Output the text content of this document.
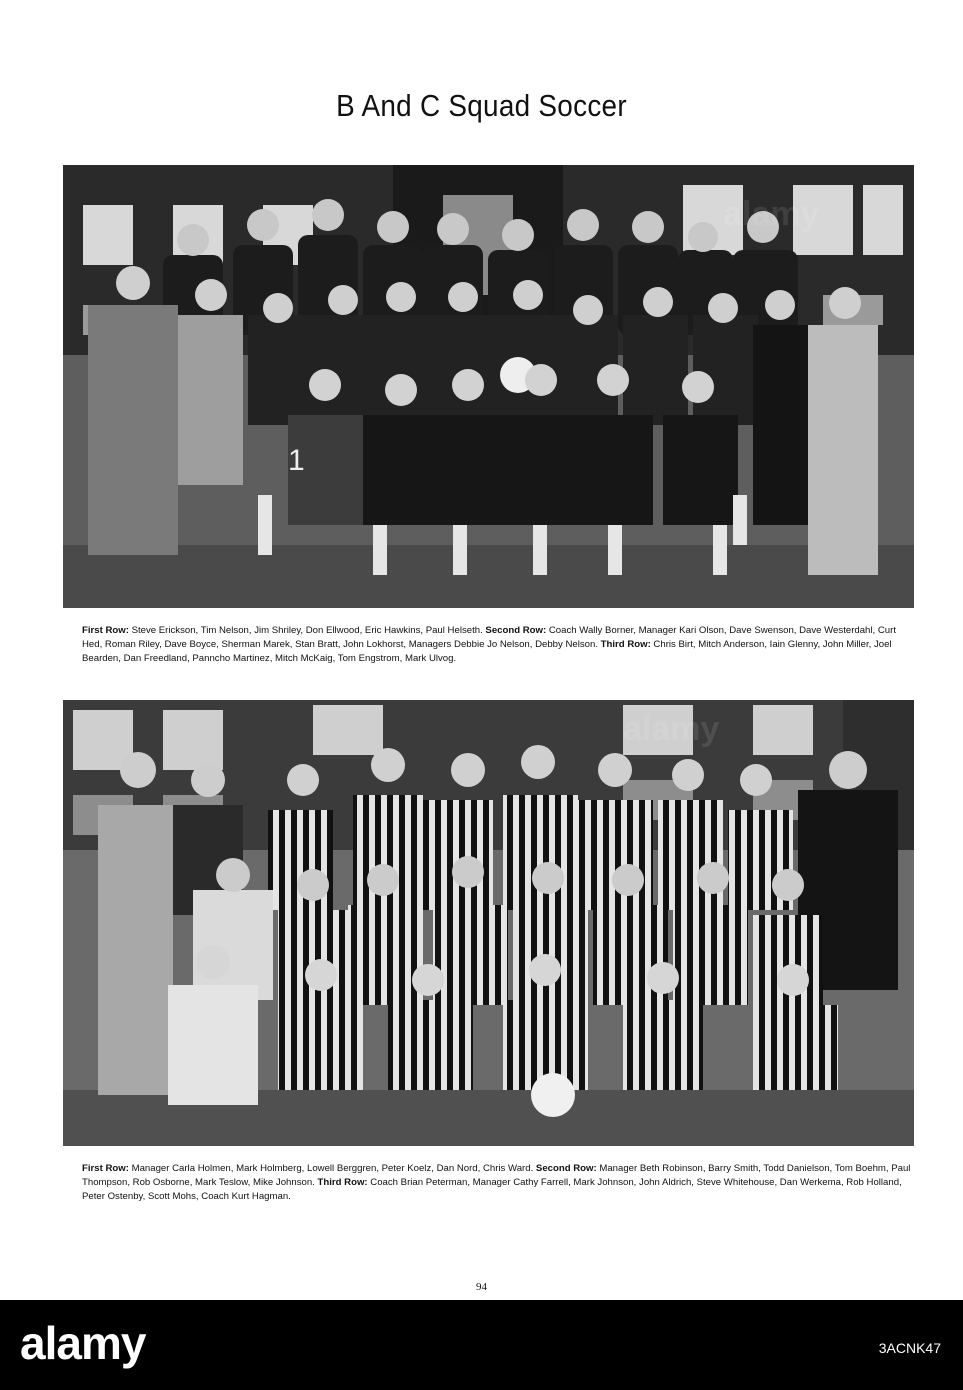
B And C Squad Soccer
1
alamy
First Row: Steve Erickson, Tim Nelson, Jim Shriley, Don Ellwood, Eric Hawkins, Paul Helseth. Second Row: Coach Wally Borner, Manager Kari Olson, Dave Swenson, Dave Westerdahl, Curt Hed, Roman Riley, Dave Boyce, Sherman Marek, Stan Bratt, John Lokhorst, Managers Debbie Jo Nelson, Debby Nelson. Third Row: Chris Birt, Mitch Anderson, Iain Glenny, John Miller, Joel Bearden, Dan Freedland, Panncho Martinez, Mitch McKaig, Tom Engstrom, Mark Ulvog.
alamy
First Row: Manager Carla Holmen, Mark Holmberg, Lowell Berggren, Peter Koelz, Dan Nord, Chris Ward. Second Row: Manager Beth Robinson, Barry Smith, Todd Danielson, Tom Boehm, Paul Thompson, Rob Osborne, Mark Teslow, Mike Johnson. Third Row: Coach Brian Peterman, Manager Cathy Farrell, Mark Johnson, John Aldrich, Steve Whitehouse, Dan Werkema, Rob Holland, Peter Ostenby, Scott Mohs, Coach Kurt Hagman.
94
alamy	3ACNK47
